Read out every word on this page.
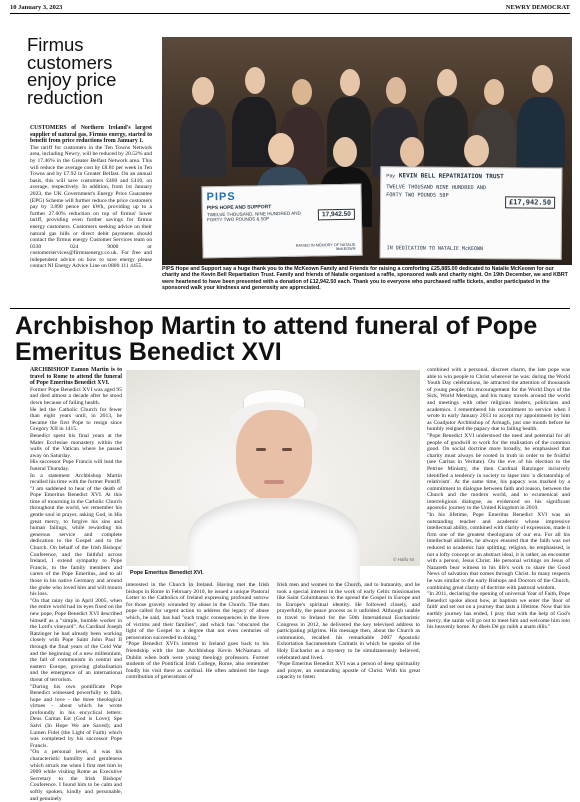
10 January 3, 2023	NEWRY DEMOCRAT
Firmus customers enjoy price reduction

CUSTOMERS of Northern Ireland's largest supplier of natural gas, Firmus energy, started to benefit from price reductions from January 1.

The tariff for customers in the Ten Towns Network area, including Newry, will be reduced by 20.52% and by 17.46% in the Greater Belfast Network area. This will reduce the average cost by £8.81 per week in Ten Towns and by £7.92 in Greater Belfast. On an annual basis, this will save customers £460 and £410, on average, respectively. In addition, from 1st January 2023, the UK Government's Energy Price Guarantee (EPG) Scheme will further reduce the price customers pay by 3.890 pence per kWh, providing up to a further 27.60% reduction on top of firmus' lower tariff, providing even further savings for firmus energy customers. Customers seeking advice on their natural gas bills or direct debit payments should contact the firmus energy Customer Services team on 0330 024 9000 or customerservices@firmusenergy.co.uk. For free and independent advice on how to save energy please contact NI Energy Advice Line on 0800 111 4455.

PIPS
PIPS HOPE AND SUPPORT
TWELVE THOUSAND, NINE HUNDRED AND FORTY TWO POUNDS & 50P
17,942.50
RAISED IN MEMORY OF NATALIE McKEOWN
Pay KEVIN BELL REPATRIATION TRUST
TWELVE THOUSAND NINE HUNDRED AND FORTY TWO POUNDS 50P
£17,942.50
IN DEDICATION TO NATALIE McKEOWN
PIPS Hope and Support say a huge thank you to the McKeown Family and Friends for raising a comforting £25,885.00 dedicated to Natalie McKeown for our charity and the Kevin Bell Repartiation Trust. Family and friends of Natalie organised a raffle, sponsored walk and charity night. On 19th December, we and KBRT were heartened to have been presented with a donation of £12,942.50 each. Thank you to everyone who purchased raffle tickets, and/or participated in the sponsored walk your kindness and generosity are appreciated.
Archbishop Martin to attend funeral of Pope Emeritus Benedict XVI

ARCHBISHOP Eamon Martin is to travel to Rome to attend the funeral of Pope Emeritus Benedict XVI.

Former Pope Benedict XVI was aged 95 and died almost a decade after he stood down because of failing health.

He led the Catholic Church for fewer than eight years until, in 2013, he became the first Pope to resign since Gregory XII in 1415.

Benedict spent his final years at the Mater Ecclesiae monastery within the walls of the Vatican where he passed away on Saturday.

His successor Pope Francis will lead the funeral Thursday.

In a statement Archbishop Martin recalled his time with the former Pontiff.

"I am saddened to hear of the death of Pope Emeritus Benedict XVI. At this time of mourning in the Catholic Church throughout the world, we remember his gentle soul in prayer, asking God, in His great mercy, to forgive his sins and human failings, while rewarding his generous service and complete dedication to the Gospel and to the Church. On behalf of the Irish Bishops' Conference, and the faithful across Ireland, I extend sympathy to Pope Francis, to the family members and carers of the Pope Emeritus, and to all those in his native Germany and around the globe who loved him and will mourn his loss.

"On that rainy day in April 2005, when the entire world had its eyes fixed on the new pope, Pope Benedict XVI described himself as a "simple, humble worker in the Lord's vineyard". As Cardinal Joseph Ratzinger he had already been working closely with Pope Saint John Paul II through the final years of the Cold War and the beginning of a new millennium, the fall of communism in central and eastern Europe, growing globalisation and the emergence of an international threat of terrorism.

"During his own pontificate Pope Benedict witnessed powerfully to faith, hope and love - the three theological virtues - about which he wrote profoundly in his encyclical letters: Deus Caritas Est (God is Love); Spe Salvi (In Hope We are Saved); and Lumen Fidei (the Light of Faith) which was completed by his successor Pope Francis.

"On a personal level, it was his characteristic humility and gentleness which struck me when I first met him in 2009 while visiting Rome as Executive Secretary to the Irish Bishops' Conference. I found him to be calm and softly spoken, kindly and personable, and genuinely

© Halfo NI
Pope Emeritus Benedict XVI.

interested in the Church in Ireland. Having met the Irish bishops in Rome in February 2010, he issued a unique Pastoral Letter to the Catholics of Ireland expressing profound sorrow for those gravely wounded by abuse in the Church. The then pope called for urgent action to address the legacy of abuse which, he said, has had "such tragic consequences in the lives of victims and their families", and which has "obscured the light of the Gospel to a degree that not even centuries of persecution succeeded in doing."

"Pope Benedict XVI's interest in Ireland goes back to his friendship with the late Archbishop Kevin McNamara of Dublin when both were young theology professors. Former students of the Pontifical Irish College, Rome, also remember fondly his visit there as cardinal. He often admired the huge contribution of generations of

Irish men and women to the Church, and to humanity, and he took a special interest in the work of early Celtic missionaries like Saint Columbanus to the spread the Gospel in Europe and to Europe's spiritual identity. He followed closely, and prayerfully, the peace process as it unfolded. Although unable to travel to Ireland for the 50th International Eucharistic Congress in 2012, he delivered the key televised address to participating pilgrims. His message then, about the Church as communion, recalled his remarkable 2007 Apostolic Exhortation Sacramentum Caritatis in which he speaks of the Holy Eucharist as a mystery to be simultaneously believed, celebrated and lived.

"Pope Emeritus Benedict XVI was a person of deep spirituality and prayer, an outstanding apostle of Christ. With his great capacity to listen

combined with a personal, discreet charm, the late pope was able to win people to Christ wherever he was: during the World Youth Day celebrations, he attracted the attention of thousands of young people; his encouragement for the World Days of the Sick, World Meetings, and his many travels around the world and meetings with other religious leaders, politicians and academics. I remembered his commitment to service when I wrote in early January 2013 to accept my appointment by him as Coadjutor Archbishop of Armagh, just one month before he humbly resigned the papacy due to failing health.

"Pope Benedict XVI understood the need and potential for all people of goodwill to work for the realisation of the common good. On social doctrine more broadly, he emphasised that charity must always be rooted in truth in order to be fruitful (see Caritas in Veritate). On the eve of his election to the Petrine Ministry, the then Cardinal Ratzinger incisively identified a tendency in society to lapse into 'a dictatorship of relativism'. At the same time, his papacy was marked by a commitment to dialogue between faith and reason, between the Church and the modern world, and to ecumenical and interreligious dialogue, as evidenced on his significant apostolic journey to the United Kingdom in 2010.

"In his lifetime, Pope Emeritus Benedict XVI was an outstanding teacher and academic whose impressive intellectual ability, combined with clarity of expression, made it firm one of the greatest theologians of our era. For all his intellectual abilities, he always ensured that the faith was not reduced to academic hair splitting; religion, he emphasised, is not a lofty concept or an abstract ideal, it is rather, an encounter with a person, Jesus Christ. He personal writings on Jesus of Nazareth bear witness to his life's work to share the Good News of salvation that comes through Christ. In many respects he was similar to the early Bishops and Doctors of the Church, combining great clarity of doctrine with pastoral wisdom.

"In 2011, declaring the opening of universal Year of Faith, Pope Benedict spoke about how, at baptism we enter the 'door of faith' and set out on a journey that lasts a lifetime. Now that his earthly journey has ended, I pray that with the help of God's mercy, the saints will go out to meet him and welcome him into his heavenly home. Ar dheis Dé go raibh a anam dílis."
